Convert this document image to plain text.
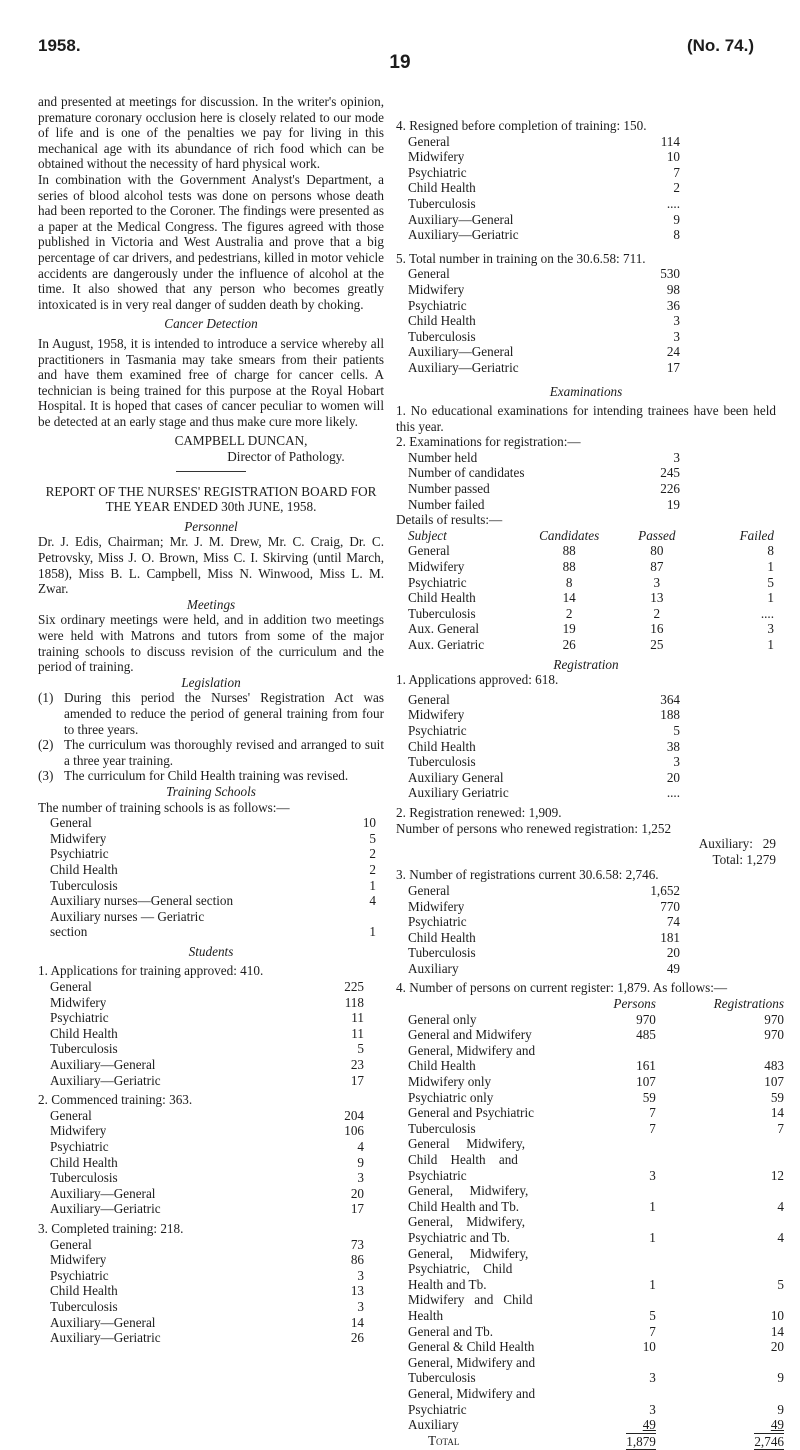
1958.
19
(No. 74.)

and presented at meetings for discussion. In the writer's opinion, premature coronary occlusion here is closely related to our mode of life and is one of the penalties we pay for living in this mechanical age with its abundance of rich food which can be obtained without the necessity of hard physical work.

In combination with the Government Analyst's Department, a series of blood alcohol tests was done on persons whose death had been reported to the Coroner. The findings were presented as a paper at the Medical Congress. The figures agreed with those published in Victoria and West Australia and prove that a big percentage of car drivers, and pedestrians, killed in motor vehicle accidents are dangerously under the influence of alcohol at the time. It also showed that any person who becomes greatly intoxicated is in very real danger of sudden death by choking.

Cancer Detection

In August, 1958, it is intended to introduce a service whereby all practitioners in Tasmania may take smears from their patients and have them examined free of charge for cancer cells. A technician is being trained for this purpose at the Royal Hobart Hospital. It is hoped that cases of cancer peculiar to women will be detected at an early stage and thus make cure more likely.

CAMPBELL DUNCAN,

Director of Pathology.

REPORT OF THE NURSES' REGISTRATION BOARD FOR THE YEAR ENDED 30th JUNE, 1958.

Personnel

Dr. J. Edis, Chairman; Mr. J. M. Drew, Mr. C. Craig, Dr. C. Petrovsky, Miss J. O. Brown, Miss C. I. Skirving (until March, 1858), Miss B. L. Campbell, Miss N. Winwood, Miss L. M. Zwar.

Meetings

Six ordinary meetings were held, and in addition two meetings were held with Matrons and tutors from some of the major training schools to discuss revision of the curriculum and the period of training.

Legislation

(1) During this period the Nurses' Registration Act was amended to reduce the period of general training from four to three years.
(2) The curriculum was thoroughly revised and arranged to suit a three year training.
(3) The curriculum for Child Health training was revised.

Training Schools

The number of training schools is as follows:—

General	10
Midwifery	5
Psychiatric	2
Child Health	2
Tuberculosis	1
Auxiliary nurses—General section	4
Auxiliary nurses — Geriatric
section	1

Students

1. Applications for training approved: 410.

General	225
Midwifery	118
Psychiatric	11
Child Health	11
Tuberculosis	5
Auxiliary—General	23
Auxiliary—Geriatric	17

2. Commenced training: 363.

General	204
Midwifery	106
Psychiatric	4
Child Health	9
Tuberculosis	3
Auxiliary—General	20
Auxiliary—Geriatric	17

3. Completed training: 218.

General	73
Midwifery	86
Psychiatric	3
Child Health	13
Tuberculosis	3
Auxiliary—General	14
Auxiliary—Geriatric	26

4. Resigned before completion of training: 150.

General	114
Midwifery	10
Psychiatric	7
Child Health	2
Tuberculosis	....
Auxiliary—General	9
Auxiliary—Geriatric	8

5. Total number in training on the 30.6.58: 711.

General	530
Midwifery	98
Psychiatric	36
Child Health	3
Tuberculosis	3
Auxiliary—General	24
Auxiliary—Geriatric	17

Examinations

1. No educational examinations for intending trainees have been held this year.

2. Examinations for registration:—

Number held	3
Number of candidates	245
Number passed	226
Number failed	19

Details of results:—

Subject	Candidates	Passed	Failed
General	88	80	8
Midwifery	88	87	1
Psychiatric	8	3	5
Child Health	14	13	1
Tuberculosis	2	2	....
Aux. General	19	16	3
Aux. Geriatric	26	25	1

Registration

1. Applications approved: 618.

General	364
Midwifery	188
Psychiatric	5
Child Health	38
Tuberculosis	3
Auxiliary General	20
Auxiliary Geriatric	....

2. Registration renewed: 1,909.

Number of persons who renewed registration: 1,252

Auxiliary:   29

Total: 1,279

3. Number of registrations current 30.6.58: 2,746.

General	1,652
Midwifery	770
Psychiatric	74
Child Health	181
Tuberculosis	20
Auxiliary	49

4. Number of persons on current register: 1,879. As follows:—

	Persons	Registrations

General only	970	970

General and Midwifery	485	970

General, Midwifery and
Child Health	161	483

Midwifery only	107	107

Psychiatric only	59	59

General and Psychiatric	7	14

Tuberculosis	7	7

General     Midwifery,
Child    Health    and
Psychiatric	3	12

General,     Midwifery,
Child Health and Tb.	1	4

General,    Midwifery,
Psychiatric and Tb.	1	4

General,     Midwifery,
Psychiatric,    Child
Health and Tb.	1	5

Midwifery   and   Child
Health	5	10

General and Tb.	7	14

General & Child Health	10	20

General, Midwifery and
Tuberculosis	3	9

General, Midwifery and
Psychiatric	3	9

Auxiliary	49	49
Total	1,879	2,746
